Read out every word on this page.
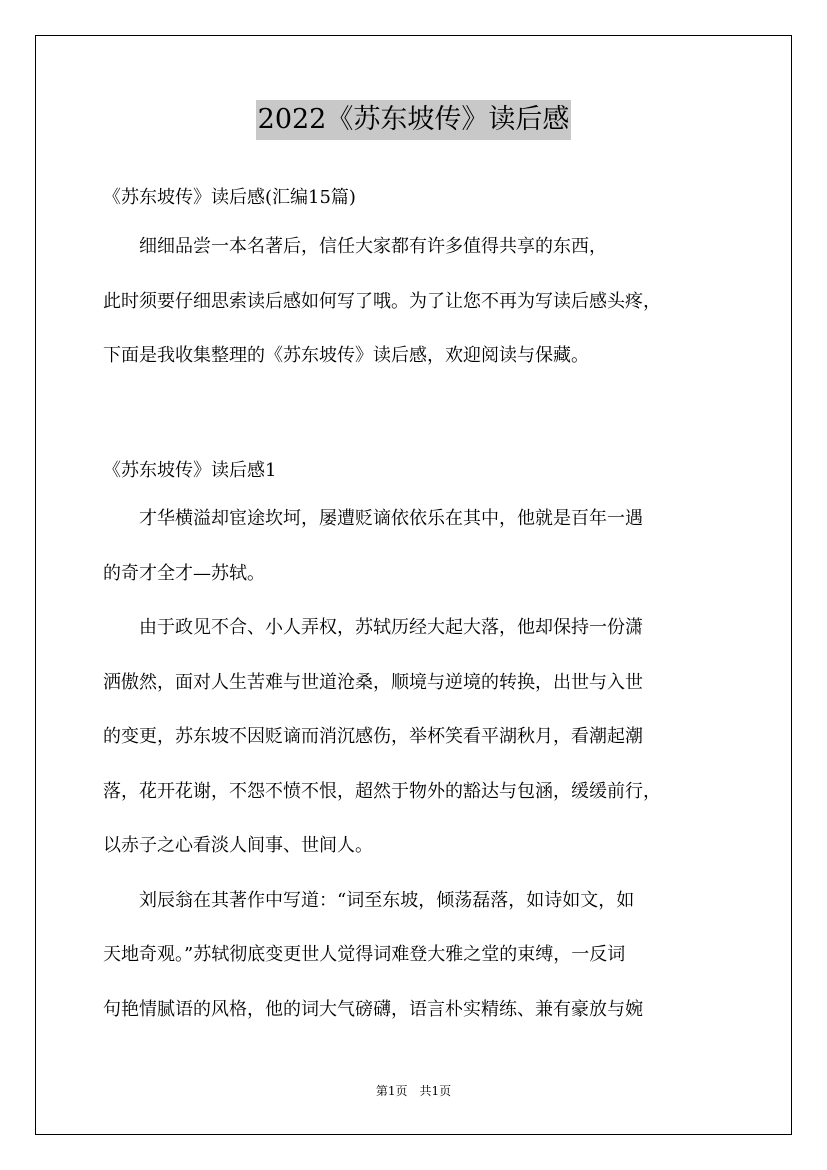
2022《苏东坡传》读后感

《苏东坡传》读后感(汇编15篇)

　　细细品尝一本名著后，信任大家都有许多值得共享的东西，
此时须要仔细思索读后感如何写了哦。为了让您不再为写读后感头疼，
下面是我收集整理的《苏东坡传》读后感，欢迎阅读与保藏。

《苏东坡传》读后感1

　　才华横溢却宦途坎坷，屡遭贬谪依依乐在其中，他就是百年一遇
的奇才全才—苏轼。
　　由于政见不合、小人弄权，苏轼历经大起大落，他却保持一份潇
洒傲然，面对人生苦难与世道沧桑，顺境与逆境的转换，出世与入世
的变更，苏东坡不因贬谪而消沉感伤，举杯笑看平湖秋月，看潮起潮
落，花开花谢，不怨不愤不恨，超然于物外的豁达与包涵，缓缓前行，
以赤子之心看淡人间事、世间人。
　　刘辰翁在其著作中写道：“词至东坡，倾荡磊落，如诗如文，如
天地奇观。”苏轼彻底变更世人觉得词难登大雅之堂的束缚，一反词
句艳情腻语的风格，他的词大气磅礴，语言朴实精练、兼有豪放与婉
第1页　共1页
